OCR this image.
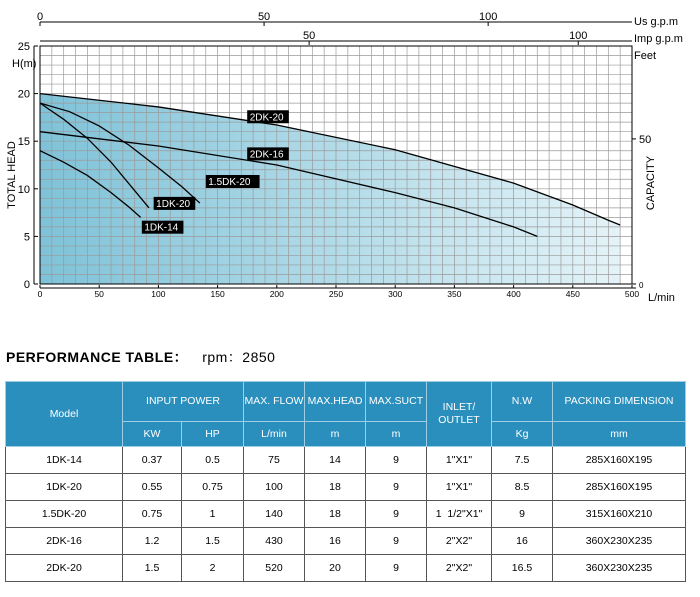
0	50	100	150	200	250	300	350	400	450	500 L/min
0
5
10
15
20
25
H(m)
TOTAL HEAD
0	50	100	Us g.p.m
50	100	Imp g.p.m
Feet
0
50
CAPACITY
2DK-20
2DK-16
1.5DK-20
1DK-20
1DK-14
PERFORMANCE TABLE： rpm：2850
Model	INPUT POWER		MAX. FLOW	MAX.HEAD	MAX.SUCT	INLET/ OUTLET	N.W	PACKING DIMENSION
	KW	HP	L/min	m	m		Kg	mm
1DK-14	0.37	0.5	75	14	9	1"X1"	7.5	285X160X195
1DK-20	0.55	0.75	100	18	9	1"X1"	8.5	285X160X195
1.5DK-20	0.75	1	140	18	9	1  1/2"X1"	9	315X160X210
2DK-16	1.2	1.5	430	16	9	2"X2"	16	360X230X235
2DK-20	1.5	2	520	20	9	2"X2"	16.5	360X230X235
